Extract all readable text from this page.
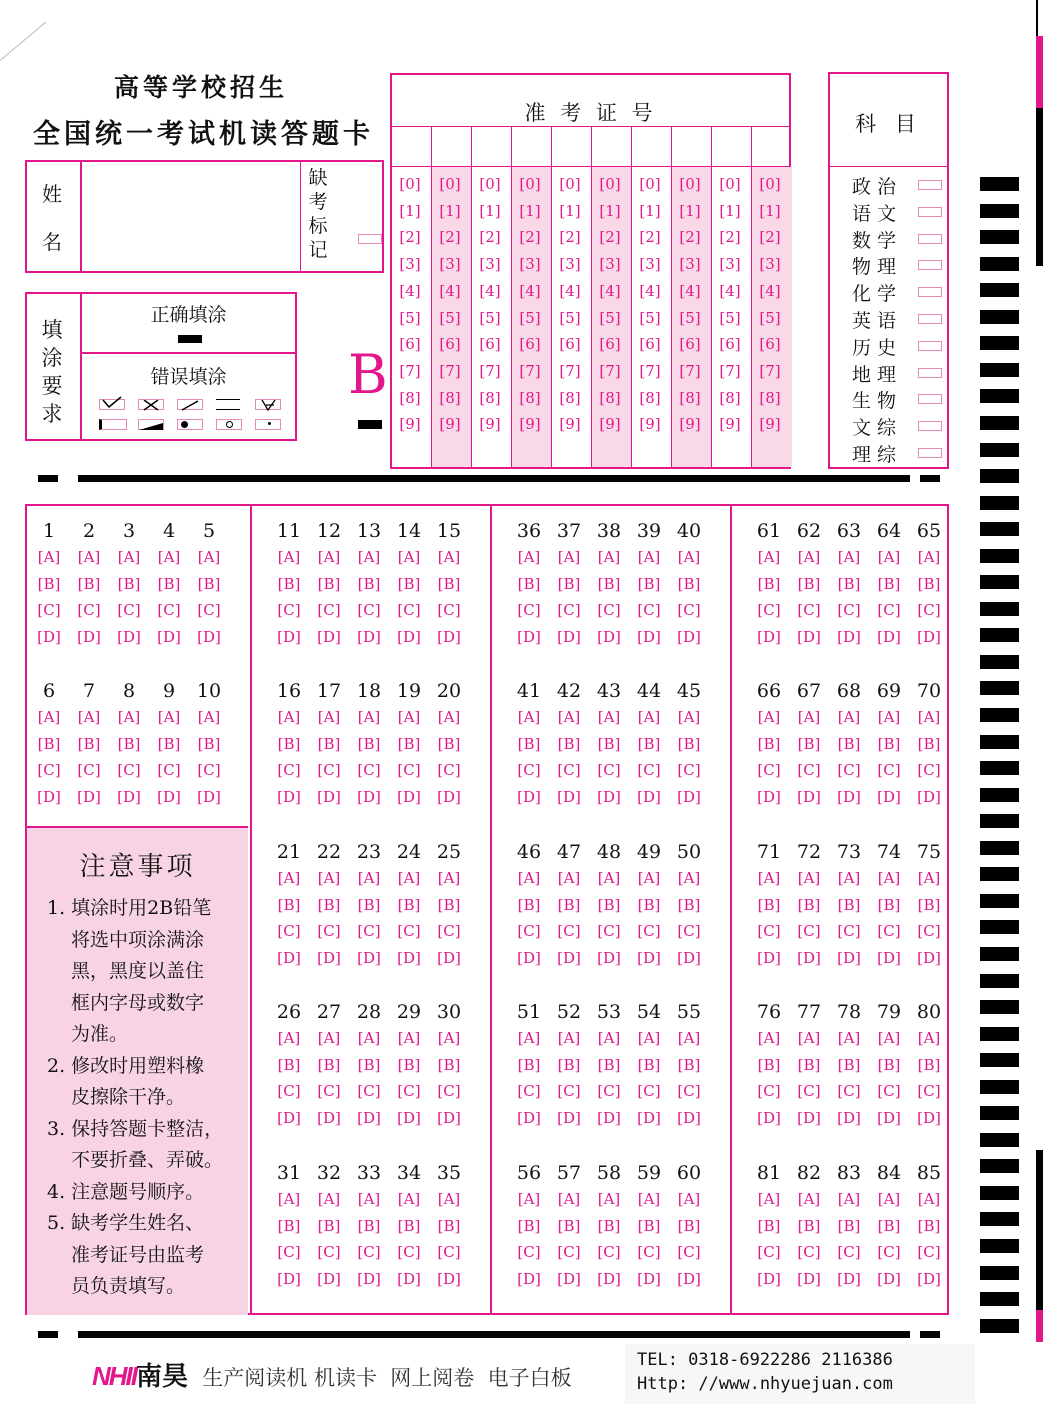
高等学校招生
全国统一考试机读答题卡
姓
名
缺
考
标
记
填
涂
要
求
正确填涂
错误填涂	B
准 考 证 号
[0]
[1]
[2]
[3]
[4]
[5]
[6]
[7]
[8]
[9]
[0]
[1]
[2]
[3]
[4]
[5]
[6]
[7]
[8]
[9]
[0]
[1]
[2]
[3]
[4]
[5]
[6]
[7]
[8]
[9]
[0]
[1]
[2]
[3]
[4]
[5]
[6]
[7]
[8]
[9]
[0]
[1]
[2]
[3]
[4]
[5]
[6]
[7]
[8]
[9]
[0]
[1]
[2]
[3]
[4]
[5]
[6]
[7]
[8]
[9]
[0]
[1]
[2]
[3]
[4]
[5]
[6]
[7]
[8]
[9]
[0]
[1]
[2]
[3]
[4]
[5]
[6]
[7]
[8]
[9]
[0]
[1]
[2]
[3]
[4]
[5]
[6]
[7]
[8]
[9]
[0]
[1]
[2]
[3]
[4]
[5]
[6]
[7]
[8]
[9]
科 目
政治
语文
数学
物理
化学
英语
历史
地理
生物
文综
理综
1
[A]
[B]
[C]
[D]
2
[A]
[B]
[C]
[D]
3
[A]
[B]
[C]
[D]
4
[A]
[B]
[C]
[D]
5
[A]
[B]
[C]
[D]
6
[A]
[B]
[C]
[D]
7
[A]
[B]
[C]
[D]
8
[A]
[B]
[C]
[D]
9
[A]
[B]
[C]
[D]
10
[A]
[B]
[C]
[D]
11
[A]
[B]
[C]
[D]
12
[A]
[B]
[C]
[D]
13
[A]
[B]
[C]
[D]
14
[A]
[B]
[C]
[D]
15
[A]
[B]
[C]
[D]
16
[A]
[B]
[C]
[D]
17
[A]
[B]
[C]
[D]
18
[A]
[B]
[C]
[D]
19
[A]
[B]
[C]
[D]
20
[A]
[B]
[C]
[D]
21
[A]
[B]
[C]
[D]
22
[A]
[B]
[C]
[D]
23
[A]
[B]
[C]
[D]
24
[A]
[B]
[C]
[D]
25
[A]
[B]
[C]
[D]
26
[A]
[B]
[C]
[D]
27
[A]
[B]
[C]
[D]
28
[A]
[B]
[C]
[D]
29
[A]
[B]
[C]
[D]
30
[A]
[B]
[C]
[D]
31
[A]
[B]
[C]
[D]
32
[A]
[B]
[C]
[D]
33
[A]
[B]
[C]
[D]
34
[A]
[B]
[C]
[D]
35
[A]
[B]
[C]
[D]
36
[A]
[B]
[C]
[D]
37
[A]
[B]
[C]
[D]
38
[A]
[B]
[C]
[D]
39
[A]
[B]
[C]
[D]
40
[A]
[B]
[C]
[D]
41
[A]
[B]
[C]
[D]
42
[A]
[B]
[C]
[D]
43
[A]
[B]
[C]
[D]
44
[A]
[B]
[C]
[D]
45
[A]
[B]
[C]
[D]
46
[A]
[B]
[C]
[D]
47
[A]
[B]
[C]
[D]
48
[A]
[B]
[C]
[D]
49
[A]
[B]
[C]
[D]
50
[A]
[B]
[C]
[D]
51
[A]
[B]
[C]
[D]
52
[A]
[B]
[C]
[D]
53
[A]
[B]
[C]
[D]
54
[A]
[B]
[C]
[D]
55
[A]
[B]
[C]
[D]
56
[A]
[B]
[C]
[D]
57
[A]
[B]
[C]
[D]
58
[A]
[B]
[C]
[D]
59
[A]
[B]
[C]
[D]
60
[A]
[B]
[C]
[D]
61
[A]
[B]
[C]
[D]
62
[A]
[B]
[C]
[D]
63
[A]
[B]
[C]
[D]
64
[A]
[B]
[C]
[D]
65
[A]
[B]
[C]
[D]
66
[A]
[B]
[C]
[D]
67
[A]
[B]
[C]
[D]
68
[A]
[B]
[C]
[D]
69
[A]
[B]
[C]
[D]
70
[A]
[B]
[C]
[D]
71
[A]
[B]
[C]
[D]
72
[A]
[B]
[C]
[D]
73
[A]
[B]
[C]
[D]
74
[A]
[B]
[C]
[D]
75
[A]
[B]
[C]
[D]
76
[A]
[B]
[C]
[D]
77
[A]
[B]
[C]
[D]
78
[A]
[B]
[C]
[D]
79
[A]
[B]
[C]
[D]
80
[A]
[B]
[C]
[D]
81
[A]
[B]
[C]
[D]
82
[A]
[B]
[C]
[D]
83
[A]
[B]
[C]
[D]
84
[A]
[B]
[C]
[D]
85
[A]
[B]
[C]
[D]
注意事项

1. 填涂时用2B铅笔

将选中项涂满涂

黑，黑度以盖住

框内字母或数字

为准。

2. 修改时用塑料橡

皮擦除干净。

3. 保持答题卡整洁，

不要折叠、弄破。

4. 注意题号顺序。

5. 缺考学生姓名、

准考证号由监考

员负责填写。

NHII南昊 生产阅读机 机读卡  网上阅卷  电子白板
TEL: 0318-6922286 2116386
Http: //www.nhyuejuan.com
